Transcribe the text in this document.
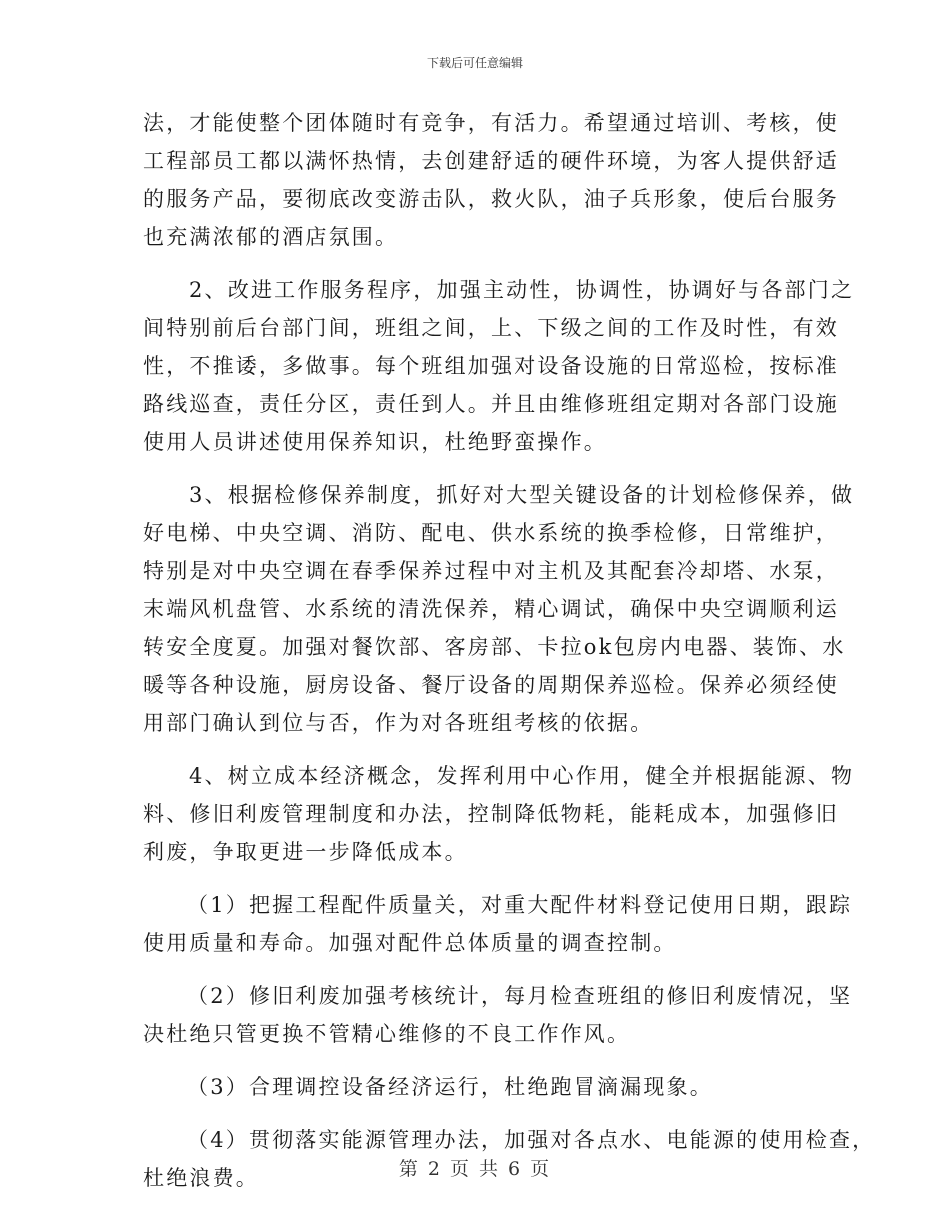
下载后可任意编辑
法，才能使整个团体随时有竞争，有活力。希望通过培训、考核，使
工程部员工都以满怀热情，去创建舒适的硬件环境，为客人提供舒适
的服务产品，要彻底改变游击队，救火队，油子兵形象，使后台服务
也充满浓郁的酒店氛围。
2、改进工作服务程序，加强主动性，协调性，协调好与各部门之
间特别前后台部门间，班组之间，上、下级之间的工作及时性，有效
性，不推诿，多做事。每个班组加强对设备设施的日常巡检，按标准
路线巡查，责任分区，责任到人。并且由维修班组定期对各部门设施
使用人员讲述使用保养知识，杜绝野蛮操作。
3、根据检修保养制度，抓好对大型关键设备的计划检修保养，做
好电梯、中央空调、消防、配电、供水系统的换季检修，日常维护，
特别是对中央空调在春季保养过程中对主机及其配套冷却塔、水泵，
末端风机盘管、水系统的清洗保养，精心调试，确保中央空调顺利运
转安全度夏。加强对餐饮部、客房部、卡拉ok包房内电器、装饰、水
暖等各种设施，厨房设备、餐厅设备的周期保养巡检。保养必须经使
用部门确认到位与否，作为对各班组考核的依据。
4、树立成本经济概念，发挥利用中心作用，健全并根据能源、物
料、修旧利废管理制度和办法，控制降低物耗，能耗成本，加强修旧
利废，争取更进一步降低成本。
（1）把握工程配件质量关，对重大配件材料登记使用日期，跟踪
使用质量和寿命。加强对配件总体质量的调查控制。
（2）修旧利废加强考核统计，每月检查班组的修旧利废情况，坚
决杜绝只管更换不管精心维修的不良工作作风。
（3）合理调控设备经济运行，杜绝跑冒滴漏现象。
（4）贯彻落实能源管理办法，加强对各点水、电能源的使用检查，
杜绝浪费。	第 2 页 共 6 页
